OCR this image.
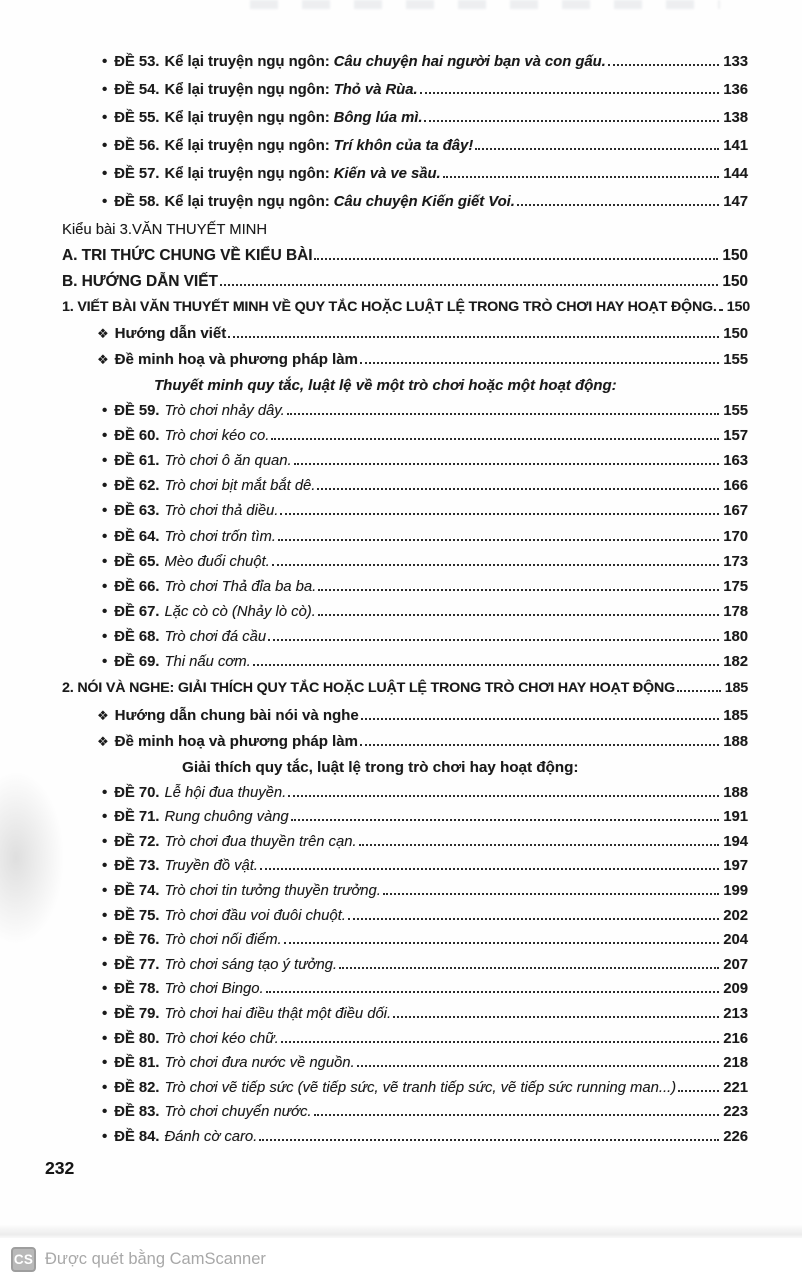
• ĐỀ 53. Kể lại truyện ngụ ngôn: Câu chuyện hai người bạn và con gấu.	133
• ĐỀ 54. Kể lại truyện ngụ ngôn: Thỏ và Rùa.	136
• ĐỀ 55. Kể lại truyện ngụ ngôn: Bông lúa mì.	138
• ĐỀ 56. Kể lại truyện ngụ ngôn: Trí khôn của ta đây!	141
• ĐỀ 57. Kể lại truyện ngụ ngôn: Kiến và ve sầu.	144
• ĐỀ 58. Kể lại truyện ngụ ngôn: Câu chuyện Kiến giết Voi.	147
Kiểu bài 3. VĂN THUYẾT MINH
A. TRI THỨC CHUNG VỀ KIỂU BÀI	150
B. HƯỚNG DẪN VIẾT	150
1. VIẾT BÀI VĂN THUYẾT MINH VỀ QUY TẮC HOẶC LUẬT LỆ TRONG TRÒ CHƠI HAY HOẠT ĐỘNG. 150
❖ Hướng dẫn viết	150
❖ Đề minh hoạ và phương pháp làm	155
Thuyết minh quy tắc, luật lệ về một trò chơi hoặc một hoạt động:
• ĐỀ 59. Trò chơi nhảy dây.	155
• ĐỀ 60. Trò chơi kéo co.	157
• ĐỀ 61. Trò chơi ô ăn quan.	163
• ĐỀ 62. Trò chơi bịt mắt bắt dê.	166
• ĐỀ 63. Trò chơi thả diều.	167
• ĐỀ 64. Trò chơi trốn tìm.	170
• ĐỀ 65. Mèo đuổi chuột.	173
• ĐỀ 66. Trò chơi Thả đỉa ba ba.	175
• ĐỀ 67. Lặc cò cò (Nhảy lò cò).	178
• ĐỀ 68. Trò chơi đá cầu	180
• ĐỀ 69. Thi nấu cơm.	182
2. NÓI VÀ NGHE: GIẢI THÍCH QUY TẮC HOẶC LUẬT LỆ TRONG TRÒ CHƠI HAY HOẠT ĐỘNG	185
❖ Hướng dẫn chung bài nói và nghe	185
❖ Đề minh hoạ và phương pháp làm	188
Giải thích quy tắc, luật lệ trong trò chơi hay hoạt động:
• ĐỀ 70. Lễ hội đua thuyền.	188
• ĐỀ 71. Rung chuông vàng	191
• ĐỀ 72. Trò chơi đua thuyền trên cạn.	194
• ĐỀ 73. Truyền đồ vật.	197
• ĐỀ 74. Trò chơi tin tưởng thuyền trưởng.	199
• ĐỀ 75. Trò chơi đầu voi đuôi chuột.	202
• ĐỀ 76. Trò chơi nối điểm.	204
• ĐỀ 77. Trò chơi sáng tạo ý tưởng.	207
• ĐỀ 78. Trò chơi Bingo.	209
• ĐỀ 79. Trò chơi hai điều thật một điều dối.	213
• ĐỀ 80. Trò chơi kéo chữ.	216
• ĐỀ 81. Trò chơi đưa nước về nguồn.	218
• ĐỀ 82. Trò chơi vẽ tiếp sức (vẽ tiếp sức, vẽ tranh tiếp sức, vẽ tiếp sức running man...)	221
• ĐỀ 83. Trò chơi chuyển nước.	223
• ĐỀ 84. Đánh cờ caro.	226
232
CS Được quét bằng CamScanner
